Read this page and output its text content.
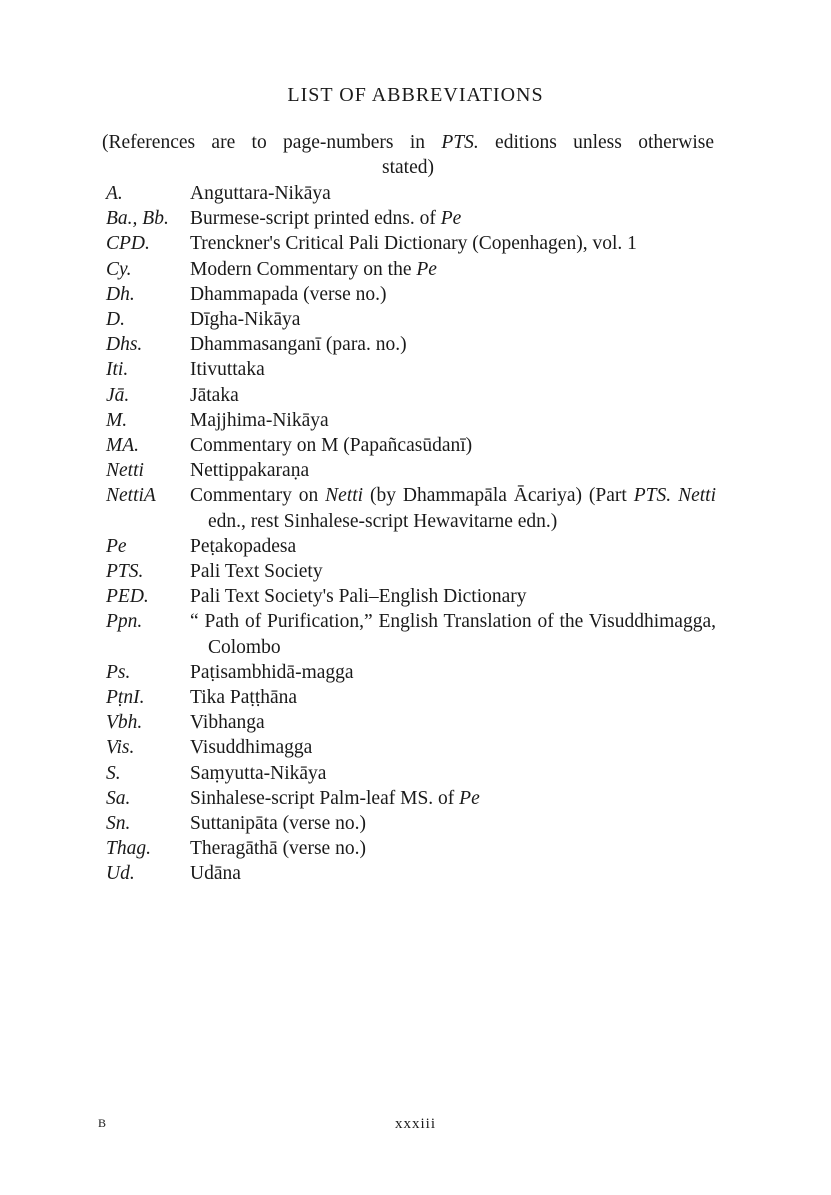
LIST OF ABBREVIATIONS
(References are to page-numbers in PTS. editions unless otherwise
stated)
A.	Anguttara-Nikāya
Ba., Bb.	Burmese-script printed edns. of Pe
CPD.	Trenckner's Critical Pali Dictionary (Copenhagen), vol. 1
Cy.	Modern Commentary on the Pe
Dh.	Dhammapada (verse no.)
D.	Dīgha-Nikāya
Dhs.	Dhammasanganī (para. no.)
Iti.	Itivuttaka
Jā.	Jātaka
M.	Majjhima-Nikāya
MA.	Commentary on M (Papañcasūdanī)
Netti	Nettippakaraṇa
NettiA	Commentary on Netti (by Dhammapāla Ācariya) (Part PTS. Netti edn., rest Sinhalese-script Hewavitarne edn.)
Pe	Peṭakopadesa
PTS.	Pali Text Society
PED.	Pali Text Society's Pali–English Dictionary
Ppn.	“ Path of Purification,” English Translation of the Visuddhimagga, Colombo
Ps.	Paṭisambhidā-magga
PṭnI.	Tika Paṭṭhāna
Vbh.	Vibhanga
Vis.	Visuddhimagga
S.	Saṃyutta-Nikāya
Sa.	Sinhalese-script Palm-leaf MS. of Pe
Sn.	Suttanipāta (verse no.)
Thag.	Theragāthā (verse no.)
Ud.	Udāna
B	xxxiii
